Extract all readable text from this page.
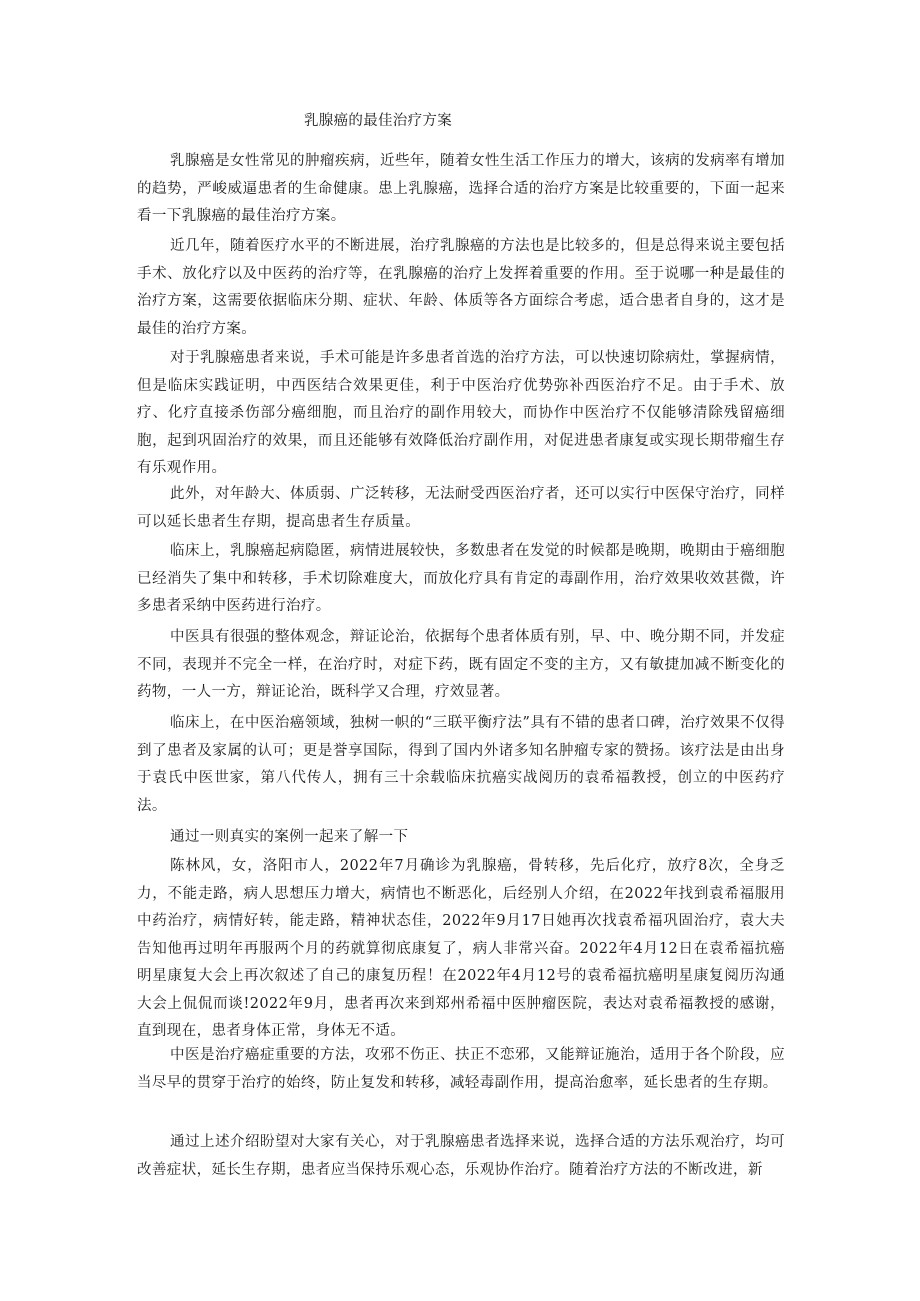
乳腺癌的最佳治疗方案

乳腺癌是女性常见的肿瘤疾病，近些年，随着女性生活工作压力的增大，该病的发病率有增加的趋势，严峻威逼患者的生命健康。患上乳腺癌，选择合适的治疗方案是比较重要的，下面一起来看一下乳腺癌的最佳治疗方案。

近几年，随着医疗水平的不断进展，治疗乳腺癌的方法也是比较多的，但是总得来说主要包括手术、放化疗以及中医药的治疗等，在乳腺癌的治疗上发挥着重要的作用。至于说哪一种是最佳的治疗方案，这需要依据临床分期、症状、年龄、体质等各方面综合考虑，适合患者自身的，这才是最佳的治疗方案。

对于乳腺癌患者来说，手术可能是许多患者首选的治疗方法，可以快速切除病灶，掌握病情，但是临床实践证明，中西医结合效果更佳，利于中医治疗优势弥补西医治疗不足。由于手术、放疗、化疗直接杀伤部分癌细胞，而且治疗的副作用较大，而协作中医治疗不仅能够清除残留癌细胞，起到巩固治疗的效果，而且还能够有效降低治疗副作用，对促进患者康复或实现长期带瘤生存有乐观作用。

此外，对年龄大、体质弱、广泛转移，无法耐受西医治疗者，还可以实行中医保守治疗，同样可以延长患者生存期，提高患者生存质量。

临床上，乳腺癌起病隐匿，病情进展较快，多数患者在发觉的时候都是晚期，晚期由于癌细胞已经消失了集中和转移，手术切除难度大，而放化疗具有肯定的毒副作用，治疗效果收效甚微，许多患者采纳中医药进行治疗。

中医具有很强的整体观念，辩证论治，依据每个患者体质有别，早、中、晚分期不同，并发症不同，表现并不完全一样，在治疗时，对症下药，既有固定不变的主方，又有敏捷加减不断变化的药物，一人一方，辩证论治，既科学又合理，疗效显著。

临床上，在中医治癌领域，独树一帜的“三联平衡疗法”具有不错的患者口碑，治疗效果不仅得到了患者及家属的认可；更是誉享国际，得到了国内外诸多知名肿瘤专家的赞扬。该疗法是由出身于袁氏中医世家，第八代传人，拥有三十余载临床抗癌实战阅历的袁希福教授，创立的中医药疗法。

通过一则真实的案例一起来了解一下

陈林风，女，洛阳市人，2022年7月确诊为乳腺癌，骨转移，先后化疗，放疗8次，全身乏力，不能走路，病人思想压力增大，病情也不断恶化，后经别人介绍，在2022年找到袁希福服用中药治疗，病情好转，能走路，精神状态佳，2022年9月17日她再次找袁希福巩固治疗，袁大夫告知他再过明年再服两个月的药就算彻底康复了，病人非常兴奋。2022年4月12日在袁希福抗癌明星康复大会上再次叙述了自己的康复历程！在2022年4月12号的袁希福抗癌明星康复阅历沟通大会上侃侃而谈!2022年9月，患者再次来到郑州希福中医肿瘤医院，表达对袁希福教授的感谢，直到现在，患者身体正常，身体无不适。

中医是治疗癌症重要的方法，攻邪不伤正、扶正不恋邪，又能辩证施治，适用于各个阶段，应当尽早的贯穿于治疗的始终，防止复发和转移，减轻毒副作用，提高治愈率，延长患者的生存期。

通过上述介绍盼望对大家有关心，对于乳腺癌患者选择来说，选择合适的方法乐观治疗，均可改善症状，延长生存期，患者应当保持乐观心态，乐观协作治疗。随着治疗方法的不断改进，新
